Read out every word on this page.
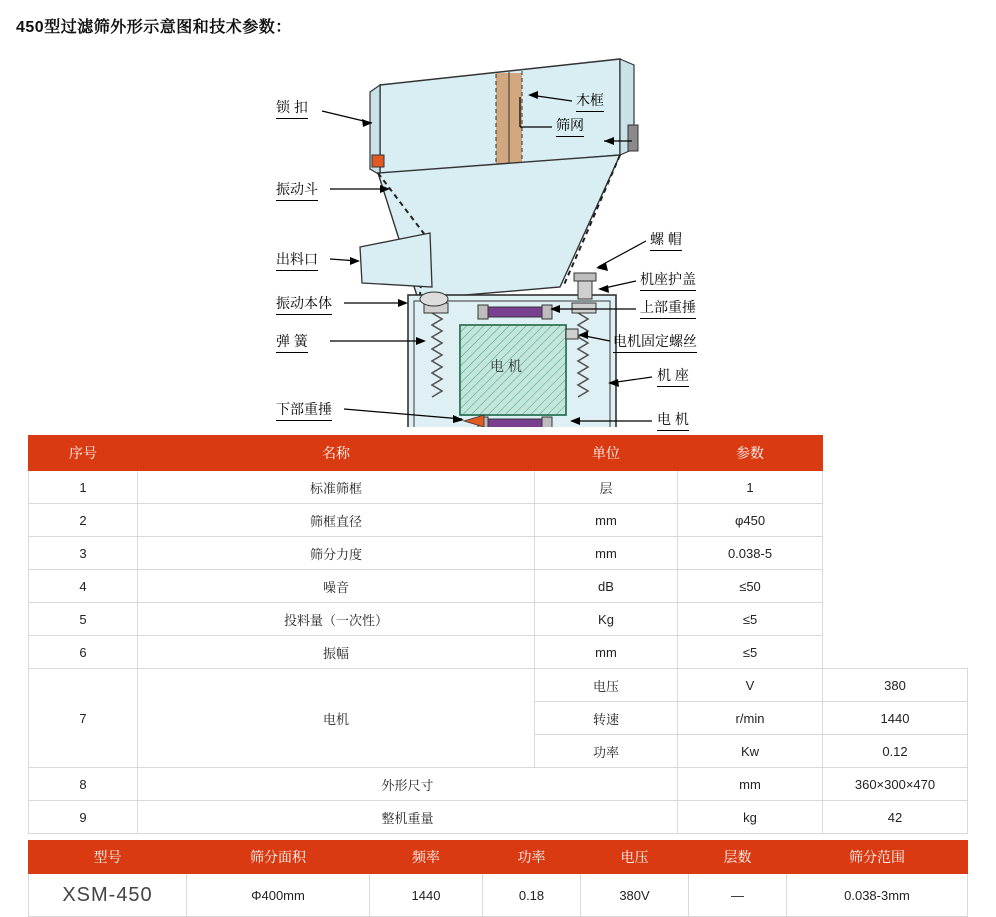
450型过滤筛外形示意图和技术参数：
电 机
锁 扣
振动斗
出料口
振动本体
弹 簧
下部重捶
木框
筛网
螺 帽
机座护盖
上部重捶
电机固定螺丝
机 座
电 机
序号	名称	单位	参数	
1	标准筛框	层	1	
2	筛框直径	mm	φ450	
3	筛分力度	mm	0.038-5	
4	噪音	dB	≤50	
5	投料量（一次性）	Kg	≤5	
6	振幅	mm	≤5	
7	电机	电压	V	380
		转速	r/min	1440
		功率	Kw	0.12
8	外形尺寸		mm	360×300×470
9	整机重量		kg	42
型号	筛分面积	频率	功率	电压	层数	筛分范围
XSM-450	Φ400mm	1440	0.18	380V	—	0.038-3mm
